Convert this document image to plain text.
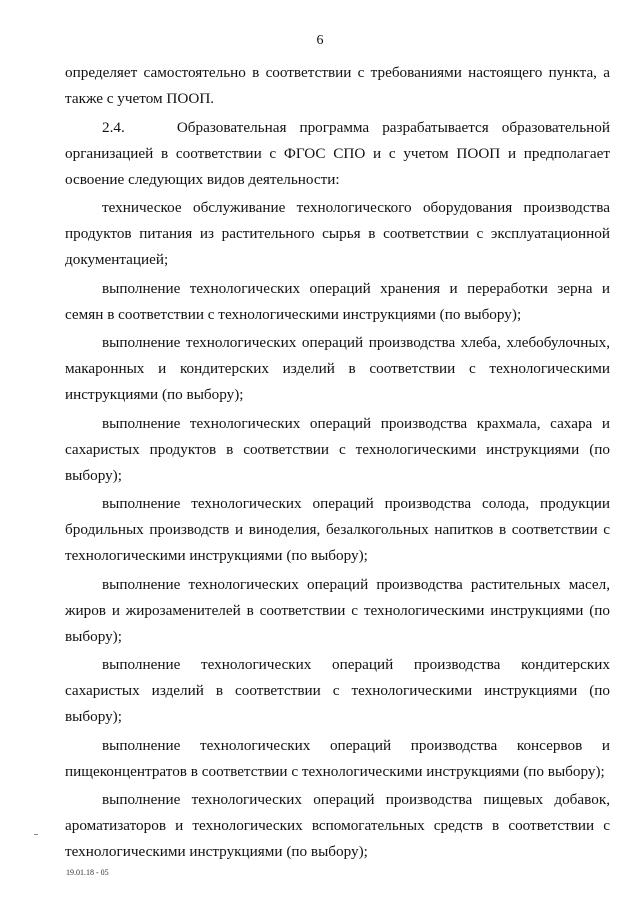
6

определяет самостоятельно в соответствии с требованиями настоящего пункта, а также с учетом ПООП.

2.4.    Образовательная программа разрабатывается образовательной организацией в соответствии с ФГОС СПО и с учетом ПООП и предполагает освоение следующих видов деятельности:

техническое обслуживание технологического оборудования производства продуктов питания из растительного сырья в соответствии с эксплуатационной документацией;

выполнение технологических операций хранения и переработки зерна и семян в соответствии с технологическими инструкциями (по выбору);

выполнение технологических операций производства хлеба, хлебобулочных, макаронных и кондитерских изделий в соответствии с технологическими инструкциями (по выбору);

выполнение технологических операций производства крахмала, сахара и сахаристых продуктов в соответствии с технологическими инструкциями (по выбору);

выполнение технологических операций производства солода, продукции бродильных производств и виноделия, безалкогольных напитков в соответствии с технологическими инструкциями (по выбору);

выполнение технологических операций производства растительных масел, жиров и жирозаменителей в соответствии с технологическими инструкциями (по выбору);

выполнение технологических операций производства кондитерских сахаристых изделий в соответствии с технологическими инструкциями (по выбору);

выполнение технологических операций производства консервов и пищеконцентратов в соответствии с технологическими инструкциями (по выбору);

выполнение технологических операций производства пищевых добавок, ароматизаторов и технологических вспомогательных средств в соответствии с технологическими инструкциями (по выбору);

19.01.18 - 05
